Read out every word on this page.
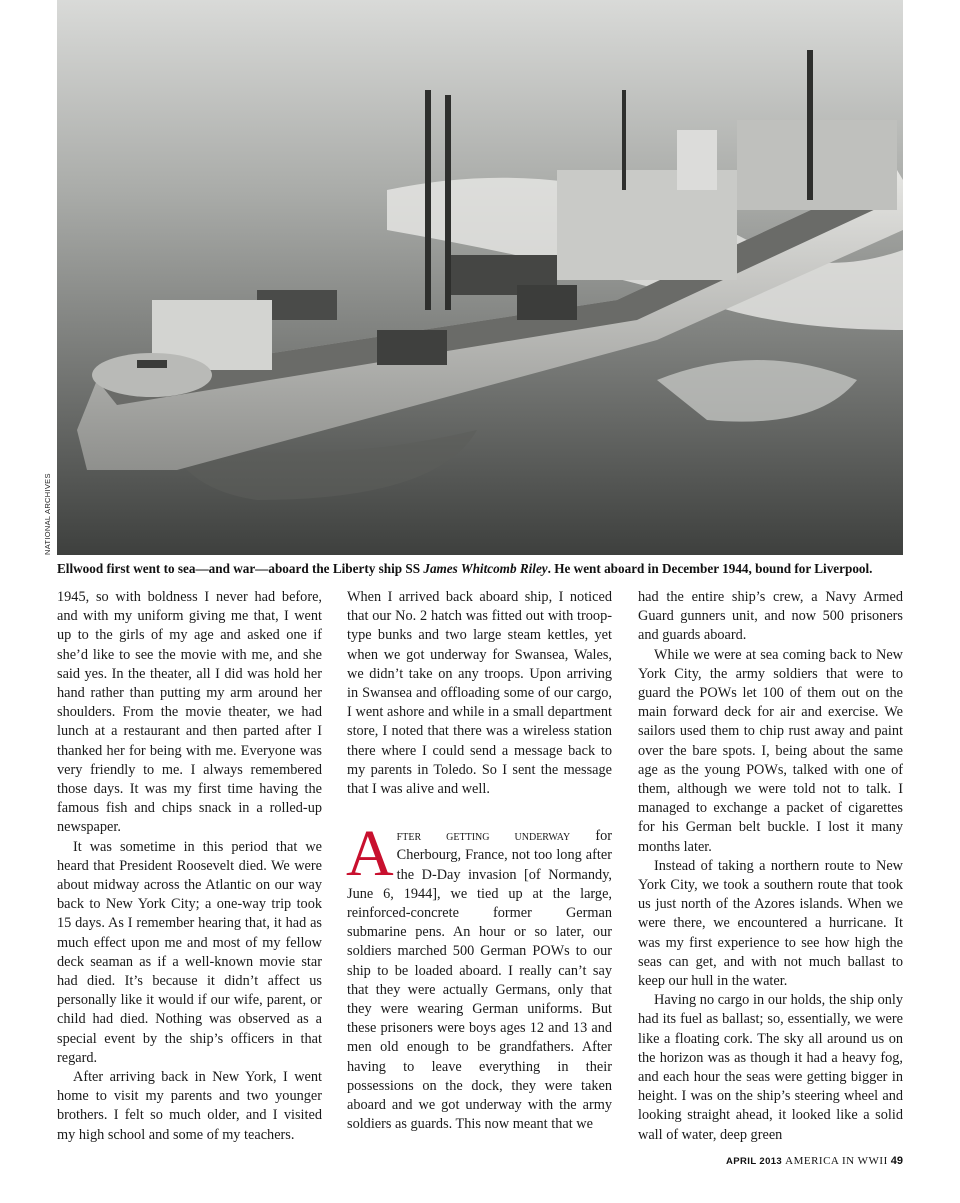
NATIONAL ARCHIVES
Ellwood first went to sea—and war—aboard the Liberty ship SS James Whitcomb Riley. He went aboard in December 1944, bound for Liverpool.

1945, so with boldness I never had before, and with my uniform giving me that, I went up to the girls of my age and asked one if she’d like to see the movie with me, and she said yes. In the theater, all I did was hold her hand rather than putting my arm around her shoulders. From the movie theater, we had lunch at a restaurant and then parted after I thanked her for being with me. Everyone was very friendly to me. I always remembered those days. It was my first time having the famous fish and chips snack in a rolled-up newspaper.

It was sometime in this period that we heard that President Roosevelt died. We were about midway across the Atlantic on our way back to New York City; a one-way trip took 15 days. As I remember hearing that, it had as much effect upon me and most of my fellow deck seaman as if a well-known movie star had died. It’s because it didn’t affect us personally like it would if our wife, parent, or child had died. Nothing was observed as a special event by the ship’s officers in that regard.

After arriving back in New York, I went home to visit my parents and two younger brothers. I felt so much older, and I visited my high school and some of my teachers.

When I arrived back aboard ship, I noticed that our No. 2 hatch was fitted out with troop-type bunks and two large steam kettles, yet when we got underway for Swansea, Wales, we didn’t take on any troops. Upon arriving in Swansea and offloading some of our cargo, I went ashore and while in a small department store, I noted that there was a wireless station there where I could send a message back to my parents in Toledo. So I sent the message that I was alive and well.

After getting underway for Cherbourg, France, not too long after the D-Day invasion [of Normandy, June 6, 1944], we tied up at the large, reinforced-concrete former German submarine pens. An hour or so later, our soldiers marched 500 German POWs to our ship to be loaded aboard. I really can’t say that they were actually Germans, only that they were wearing German uniforms. But these prisoners were boys ages 12 and 13 and men old enough to be grandfathers. After having to leave everything in their possessions on the dock, they were taken aboard and we got underway with the army soldiers as guards. This now meant that we

had the entire ship’s crew, a Navy Armed Guard gunners unit, and now 500 prisoners and guards aboard.

While we were at sea coming back to New York City, the army soldiers that were to guard the POWs let 100 of them out on the main forward deck for air and exercise. We sailors used them to chip rust away and paint over the bare spots. I, being about the same age as the young POWs, talked with one of them, although we were told not to talk. I managed to exchange a packet of cigarettes for his German belt buckle. I lost it many months later.

Instead of taking a northern route to New York City, we took a southern route that took us just north of the Azores islands. When we were there, we encountered a hurricane. It was my first experience to see how high the seas can get, and with not much ballast to keep our hull in the water.

Having no cargo in our holds, the ship only had its fuel as ballast; so, essentially, we were like a floating cork. The sky all around us on the horizon was as though it had a heavy fog, and each hour the seas were getting bigger in height. I was on the ship’s steering wheel and looking straight ahead, it looked like a solid wall of water, deep green

APRIL 2013 AMERICA IN WWII 49
